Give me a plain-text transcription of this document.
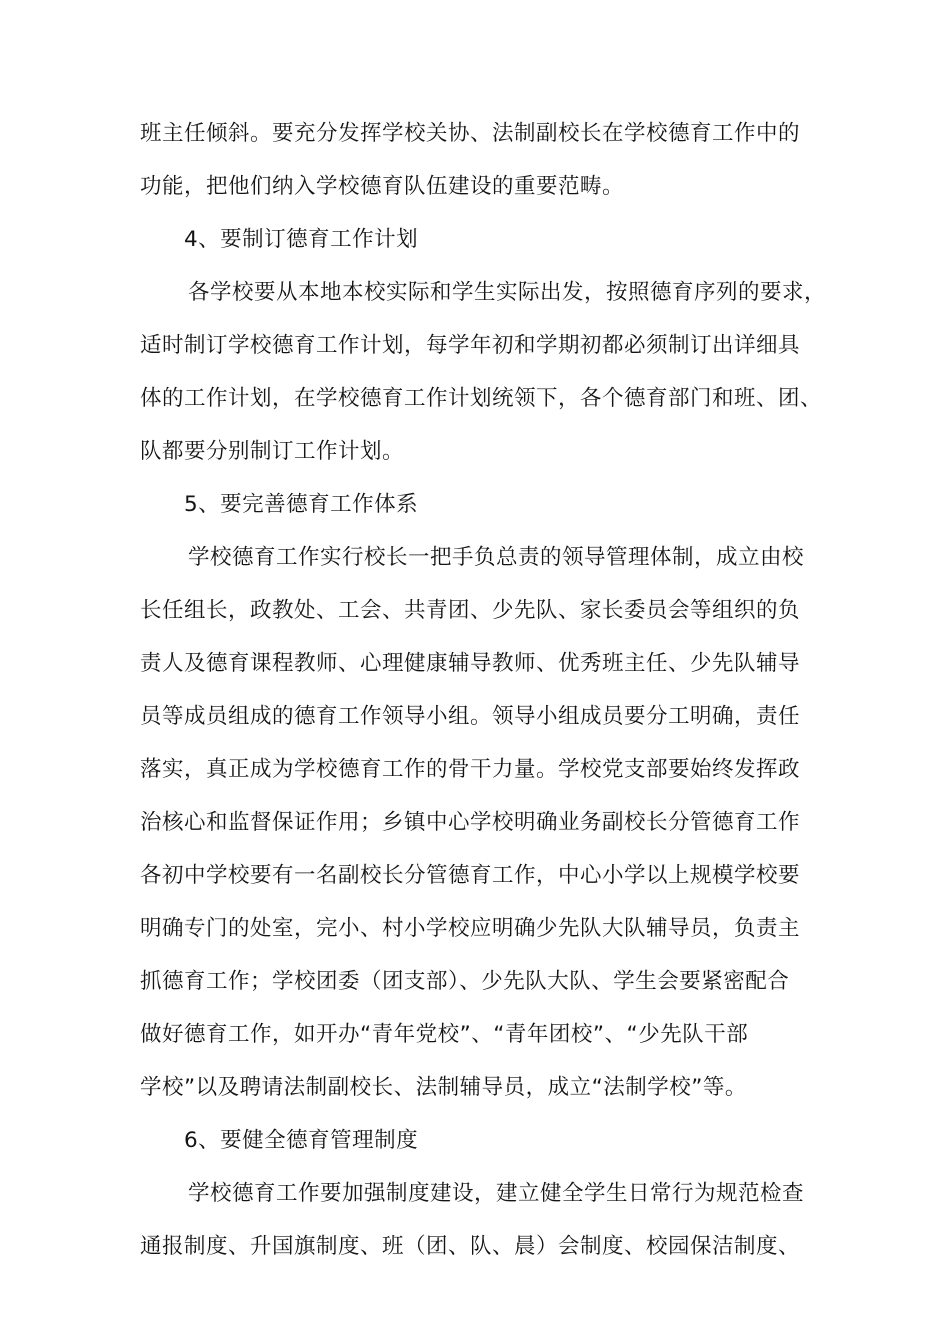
班主任倾斜。要充分发挥学校关协、法制副校长在学校德育工作中的
功能，把他们纳入学校德育队伍建设的重要范畴。
4、要制订德育工作计划
各学校要从本地本校实际和学生实际出发，按照德育序列的要求，
适时制订学校德育工作计划，每学年初和学期初都必须制订出详细具
体的工作计划，在学校德育工作计划统领下，各个德育部门和班、团、
队都要分别制订工作计划。
5、要完善德育工作体系
学校德育工作实行校长一把手负总责的领导管理体制，成立由校
长任组长，政教处、工会、共青团、少先队、家长委员会等组织的负
责人及德育课程教师、心理健康辅导教师、优秀班主任、少先队辅导
员等成员组成的德育工作领导小组。领导小组成员要分工明确，责任
落实，真正成为学校德育工作的骨干力量。学校党支部要始终发挥政
治核心和监督保证作用；乡镇中心学校明确业务副校长分管德育工作
各初中学校要有一名副校长分管德育工作，中心小学以上规模学校要
明确专门的处室，完小、村小学校应明确少先队大队辅导员，负责主
抓德育工作；学校团委（团支部）、少先队大队、学生会要紧密配合
做好德育工作，如开办“青年党校”、“青年团校”、“少先队干部
学校”以及聘请法制副校长、法制辅导员，成立“法制学校”等。
6、要健全德育管理制度
学校德育工作要加强制度建设，建立健全学生日常行为规范检查
通报制度、升国旗制度、班（团、队、晨）会制度、校园保洁制度、
